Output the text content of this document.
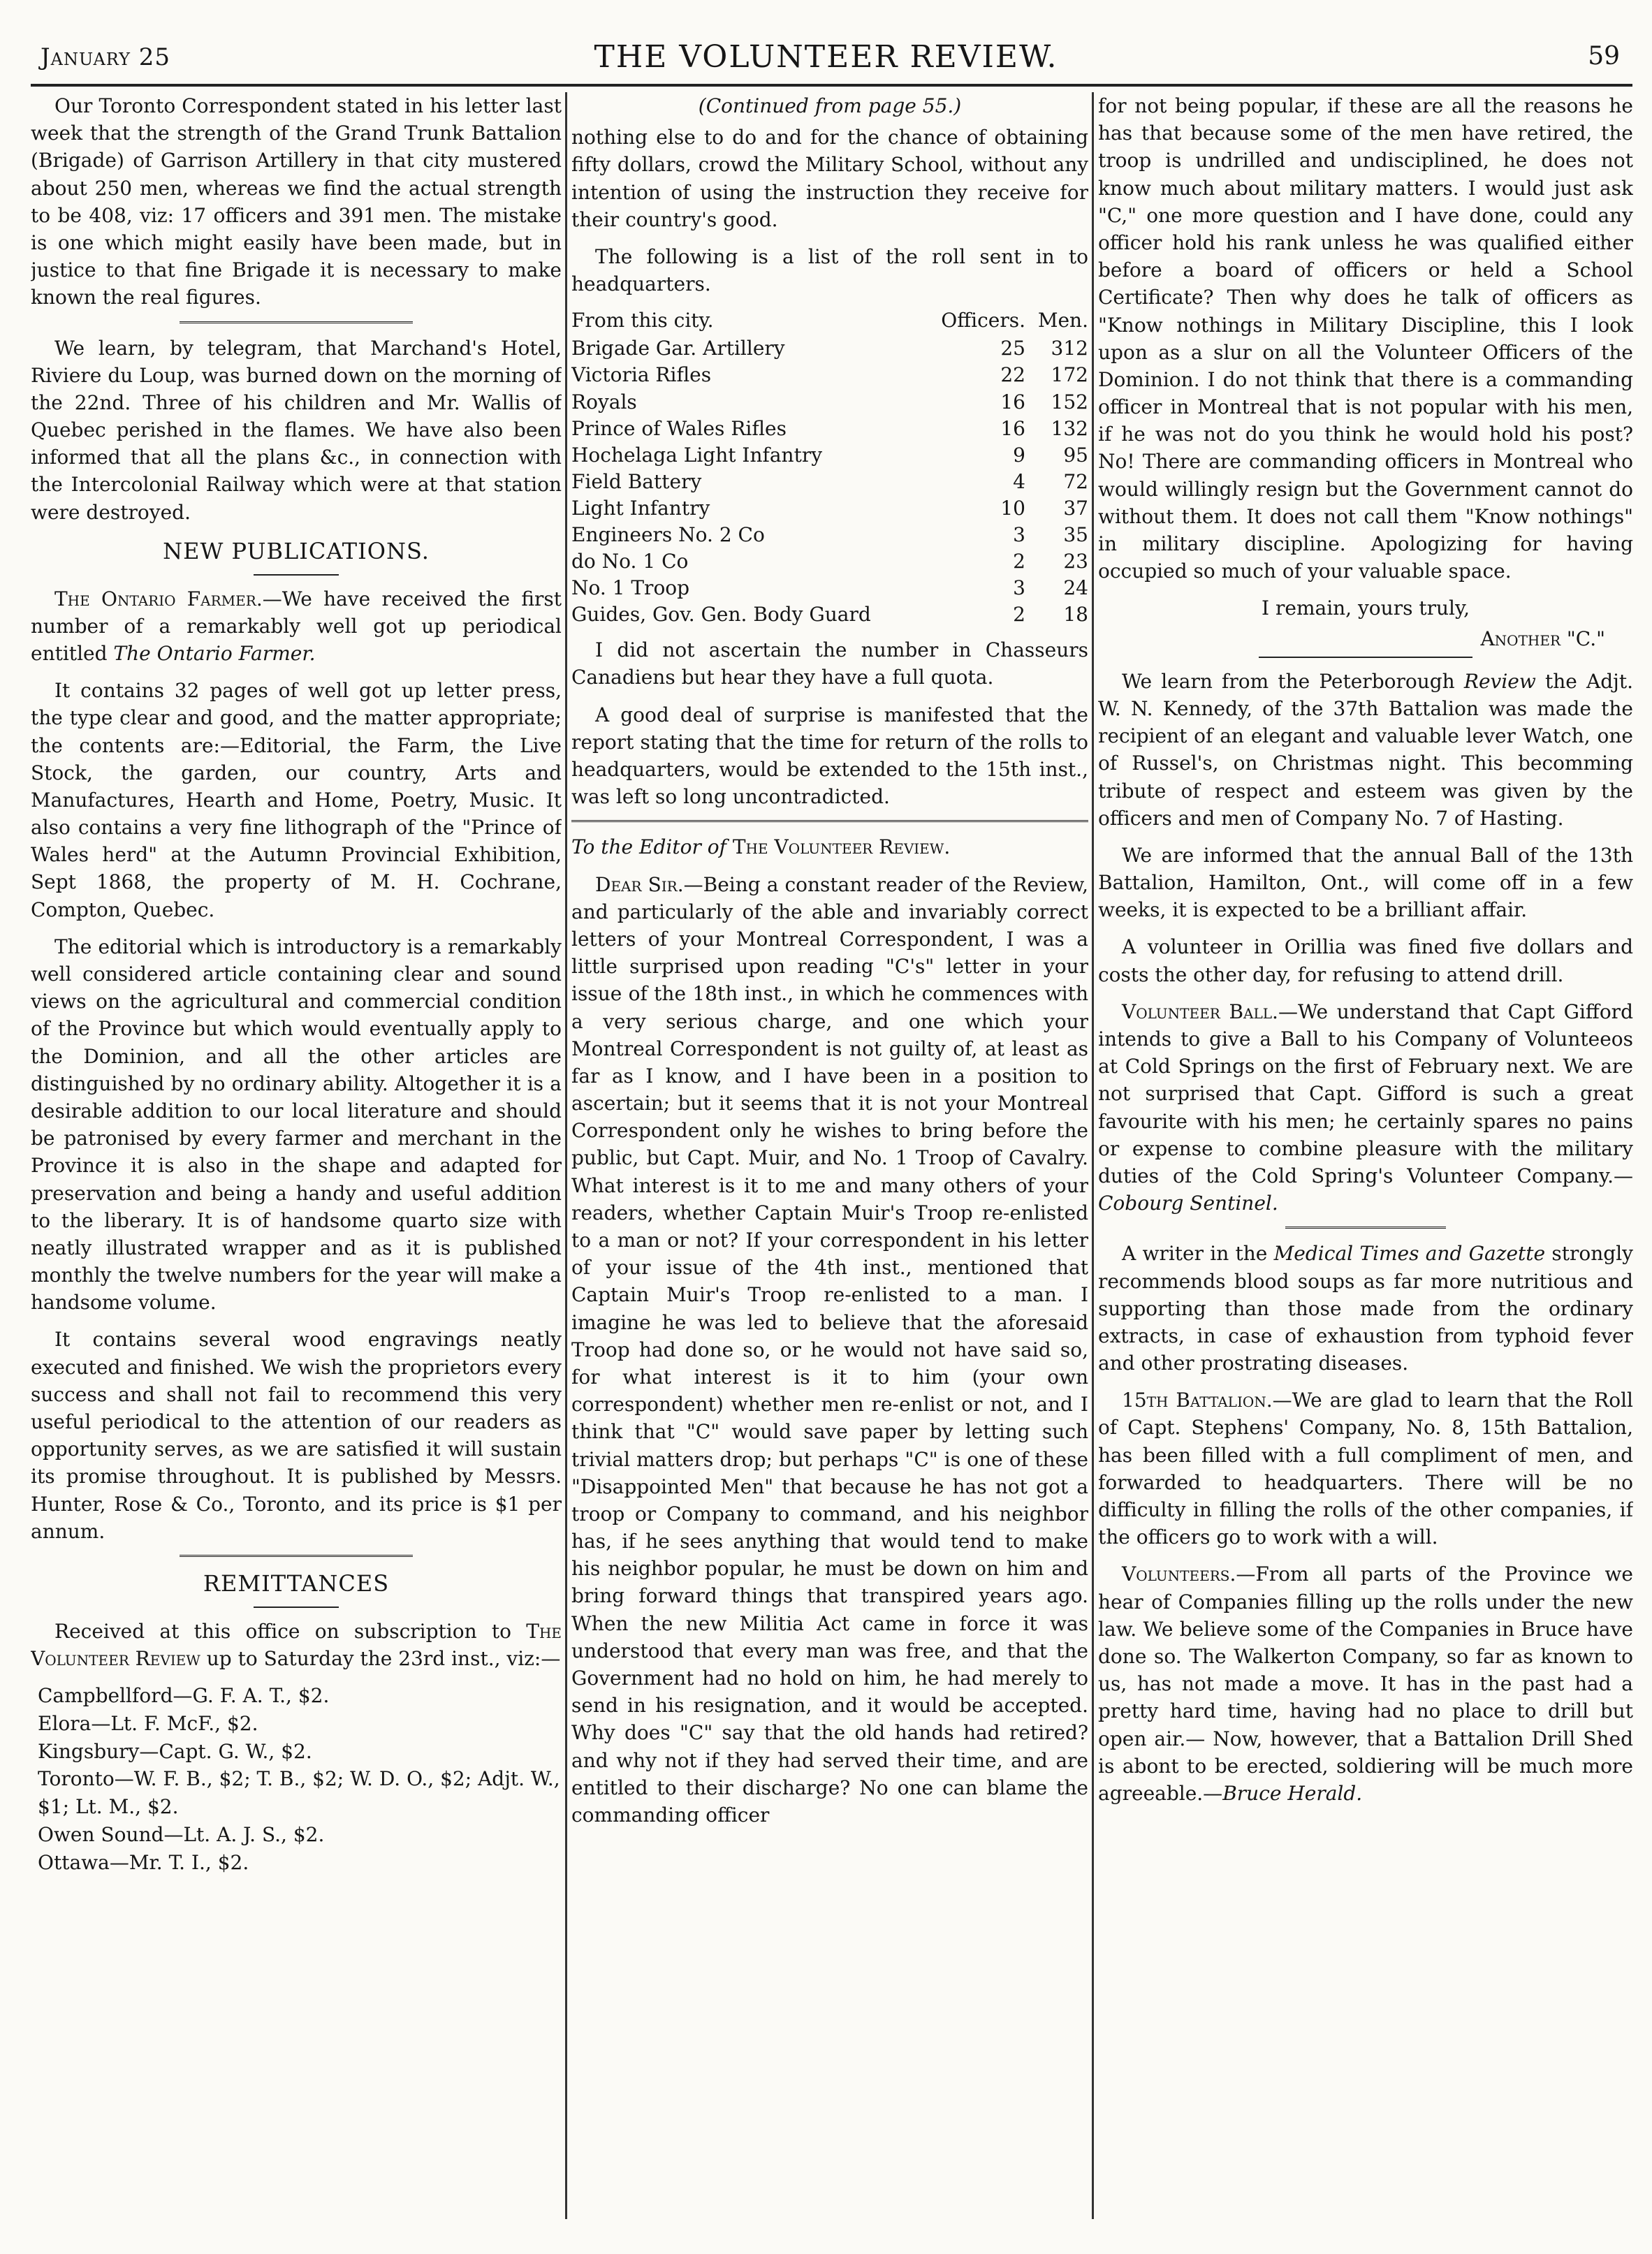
January 25	THE VOLUNTEER REVIEW.	59

Our Toronto Correspondent stated in his letter last week that the strength of the Grand Trunk Battalion (Brigade) of Garrison Artillery in that city mustered about 250 men, whereas we find the actual strength to be 408, viz: 17 officers and 391 men. The mistake is one which might easily have been made, but in justice to that fine Brigade it is necessary to make known the real figures.

We learn, by telegram, that Marchand's Hotel, Riviere du Loup, was burned down on the morning of the 22nd. Three of his children and Mr. Wallis of Quebec perished in the flames. We have also been informed that all the plans &c., in connection with the Intercolonial Railway which were at that station were destroyed.

NEW PUBLICATIONS.

The Ontario Farmer.—We have received the first number of a remarkably well got up periodical entitled The Ontario Farmer.

It contains 32 pages of well got up letter press, the type clear and good, and the matter appropriate; the contents are:—Editorial, the Farm, the Live Stock, the garden, our country, Arts and Manufactures, Hearth and Home, Poetry, Music. It also contains a very fine lithograph of the "Prince of Wales herd" at the Autumn Provincial Exhibition, Sept 1868, the property of M. H. Cochrane, Compton, Quebec.

The editorial which is introductory is a remarkably well considered article containing clear and sound views on the agricultural and commercial condition of the Province but which would eventually apply to the Dominion, and all the other articles are distinguished by no ordinary ability. Altogether it is a desirable addition to our local literature and should be patronised by every farmer and merchant in the Province it is also in the shape and adapted for preservation and being a handy and useful addition to the liberary. It is of handsome quarto size with neatly illustrated wrapper and as it is published monthly the twelve numbers for the year will make a handsome volume.

It contains several wood engravings neatly executed and finished. We wish the proprietors every success and shall not fail to recommend this very useful periodical to the attention of our readers as opportunity serves, as we are satisfied it will sustain its promise throughout. It is published by Messrs. Hunter, Rose & Co., Toronto, and its price is $1 per annum.

REMITTANCES

Received at this office on subscription to The Volunteer Review up to Saturday the 23rd inst., viz:—

Campbellford—G. F. A. T., $2.
Elora—Lt. F. McF., $2.
Kingsbury—Capt. G. W., $2.
Toronto—W. F. B., $2; T. B., $2; W. D. O., $2; Adjt. W., $1; Lt. M., $2.
Owen Sound—Lt. A. J. S., $2.
Ottawa—Mr. T. I., $2.
(Continued from page 55.)

nothing else to do and for the chance of obtaining fifty dollars, crowd the Military School, without any intention of using the instruction they receive for their country's good.

The following is a list of the roll sent in to headquarters.

From this city.	Officers.	Men.
Brigade Gar. Artillery	25	312
Victoria Rifles	22	172
Royals	16	152
Prince of Wales Rifles	16	132
Hochelaga Light Infantry	9	95
Field Battery	4	72
Light Infantry	10	37
Engineers No. 2 Co	3	35
do No. 1 Co	2	23
No. 1 Troop	3	24
Guides, Gov. Gen. Body Guard	2	18

I did not ascertain the number in Chasseurs Canadiens but hear they have a full quota.

A good deal of surprise is manifested that the report stating that the time for return of the rolls to headquarters, would be extended to the 15th inst., was left so long uncontradicted.

To the Editor of The Volunteer Review.

Dear Sir.—Being a constant reader of the Review, and particularly of the able and invariably correct letters of your Montreal Correspondent, I was a little surprised upon reading "C's" letter in your issue of the 18th inst., in which he commences with a very serious charge, and one which your Montreal Correspondent is not guilty of, at least as far as I know, and I have been in a position to ascertain; but it seems that it is not your Montreal Correspondent only he wishes to bring before the public, but Capt. Muir, and No. 1 Troop of Cavalry. What interest is it to me and many others of your readers, whether Captain Muir's Troop re-enlisted to a man or not? If your correspondent in his letter of your issue of the 4th inst., mentioned that Captain Muir's Troop re-enlisted to a man. I imagine he was led to believe that the aforesaid Troop had done so, or he would not have said so, for what interest is it to him (your own correspondent) whether men re-enlist or not, and I think that "C" would save paper by letting such trivial matters drop; but perhaps "C" is one of these "Disappointed Men" that because he has not got a troop or Company to command, and his neighbor has, if he sees anything that would tend to make his neighbor popular, he must be down on him and bring forward things that transpired years ago. When the new Militia Act came in force it was understood that every man was free, and that the Government had no hold on him, he had merely to send in his resignation, and it would be accepted. Why does "C" say that the old hands had retired? and why not if they had served their time, and are entitled to their discharge? No one can blame the commanding officer

for not being popular, if these are all the reasons he has that because some of the men have retired, the troop is undrilled and undisciplined, he does not know much about military matters. I would just ask "C," one more question and I have done, could any officer hold his rank unless he was qualified either before a board of officers or held a School Certificate? Then why does he talk of officers as "Know nothings in Military Discipline, this I look upon as a slur on all the Volunteer Officers of the Dominion. I do not think that there is a commanding officer in Montreal that is not popular with his men, if he was not do you think he would hold his post? No! There are commanding officers in Montreal who would willingly resign but the Government cannot do without them. It does not call them "Know nothings" in military discipline. Apologizing for having occupied so much of your valuable space.

I remain, yours truly,
Another "C."

We learn from the Peterborough Review the Adjt. W. N. Kennedy, of the 37th Battalion was made the recipient of an elegant and valuable lever Watch, one of Russel's, on Christmas night. This becomming tribute of respect and esteem was given by the officers and men of Company No. 7 of Hasting.

We are informed that the annual Ball of the 13th Battalion, Hamilton, Ont., will come off in a few weeks, it is expected to be a brilliant affair.

A volunteer in Orillia was fined five dollars and costs the other day, for refusing to attend drill.

Volunteer Ball.—We understand that Capt Gifford intends to give a Ball to his Company of Volunteeos at Cold Springs on the first of February next. We are not surprised that Capt. Gifford is such a great favourite with his men; he certainly spares no pains or expense to combine pleasure with the military duties of the Cold Spring's Volunteer Company.—Cobourg Sentinel.

A writer in the Medical Times and Gazette strongly recommends blood soups as far more nutritious and supporting than those made from the ordinary extracts, in case of exhaustion from typhoid fever and other prostrating diseases.

15th Battalion.—We are glad to learn that the Roll of Capt. Stephens' Company, No. 8, 15th Battalion, has been filled with a full compliment of men, and forwarded to headquarters. There will be no difficulty in filling the rolls of the other companies, if the officers go to work with a will.

Volunteers.—From all parts of the Province we hear of Companies filling up the rolls under the new law. We believe some of the Companies in Bruce have done so. The Walkerton Company, so far as known to us, has not made a move. It has in the past had a pretty hard time, having had no place to drill but open air.— Now, however, that a Battalion Drill Shed is abont to be erected, soldiering will be much more agreeable.—Bruce Herald.
